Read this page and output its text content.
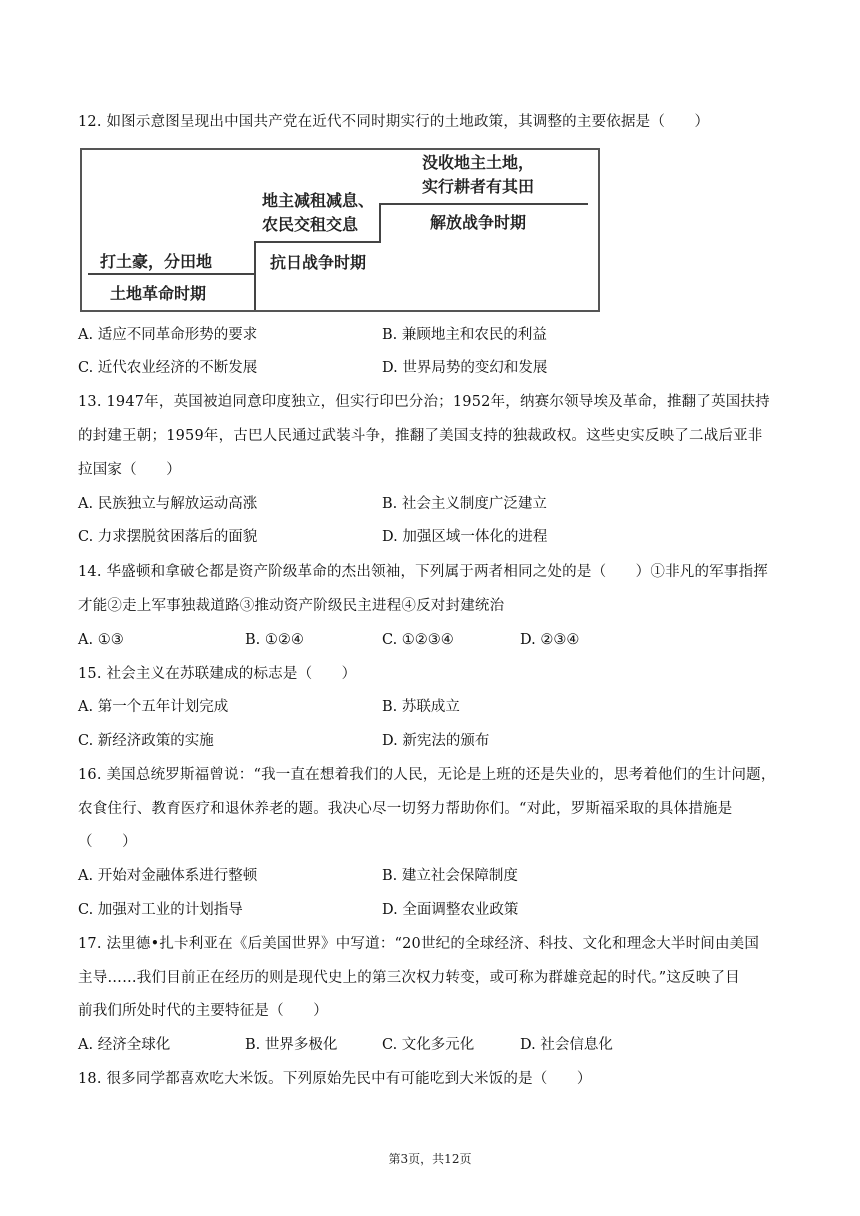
12. 如图示意图呈现出中国共产党在近代不同时期实行的土地政策，其调整的主要依据是（　　）
打土豪，分田地
土地革命时期
地主减租减息、
农民交租交息
抗日战争时期
没收地主土地，
实行耕者有其田
解放战争时期
A. 适应不同革命形势的要求	B. 兼顾地主和农民的利益
C. 近代农业经济的不断发展	D. 世界局势的变幻和发展
13. 1947年，英国被迫同意印度独立，但实行印巴分治；1952年，纳赛尔领导埃及革命，推翻了英国扶持
的封建王朝；1959年，古巴人民通过武装斗争，推翻了美国支持的独裁政权。这些史实反映了二战后亚非
拉国家（　　）
A. 民族独立与解放运动高涨	B. 社会主义制度广泛建立
C. 力求摆脱贫困落后的面貌	D. 加强区域一体化的进程
14. 华盛顿和拿破仑都是资产阶级革命的杰出领袖，下列属于两者相同之处的是（　　）①非凡的军事指挥
才能②走上军事独裁道路③推动资产阶级民主进程④反对封建统治
A. ①③	B. ①②④	C. ①②③④	D. ②③④
15. 社会主义在苏联建成的标志是（　　）
A. 第一个五年计划完成	B. 苏联成立
C. 新经济政策的实施	D. 新宪法的颁布
16. 美国总统罗斯福曾说：“我一直在想着我们的人民，无论是上班的还是失业的，思考着他们的生计问题，
农食住行、教育医疗和退休养老的题。我决心尽一切努力帮助你们。“对此，罗斯福采取的具体措施是
（　　）
A. 开始对金融体系进行整顿	B. 建立社会保障制度
C. 加强对工业的计划指导	D. 全面调整农业政策
17. 法里德•扎卡利亚在《后美国世界》中写道：“20世纪的全球经济、科技、文化和理念大半时间由美国
主导……我们目前正在经历的则是现代史上的第三次权力转变，或可称为群雄竞起的时代。”这反映了目
前我们所处时代的主要特征是（　　）
A. 经济全球化	B. 世界多极化	C. 文化多元化	D. 社会信息化
18. 很多同学都喜欢吃大米饭。下列原始先民中有可能吃到大米饭的是（　　）
第3页，共12页
